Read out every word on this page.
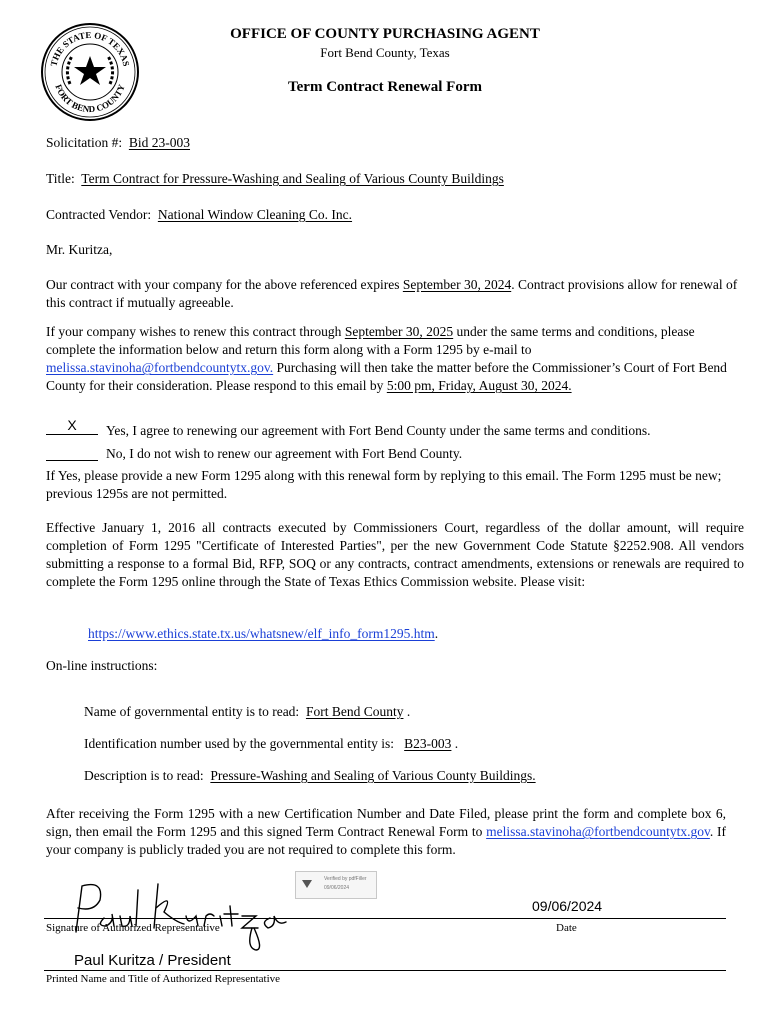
THE STATE OF TEXAS
FORT BEND COUNTY
OFFICE OF COUNTY PURCHASING AGENT
Fort Bend County, Texas
Term Contract Renewal Form
Solicitation #: Bid 23-003
Title: Term Contract for Pressure-Washing and Sealing of Various County Buildings
Contracted Vendor: National Window Cleaning Co. Inc.
Mr. Kuritza,
Our contract with your company for the above referenced expires September 30, 2024. Contract provisions allow for renewal of this contract if mutually agreeable.
If your company wishes to renew this contract through September 30, 2025 under the same terms and conditions, please complete the information below and return this form along with a Form 1295 by e-mail to melissa.stavinoha@fortbendcountytx.gov. Purchasing will then take the matter before the Commissioner’s Court of Fort Bend County for their consideration. Please respond to this email by 5:00 pm, Friday, August 30, 2024.
X	Yes, I agree to renewing our agreement with Fort Bend County under the same terms and conditions.
No, I do not wish to renew our agreement with Fort Bend County.
If Yes, please provide a new Form 1295 along with this renewal form by replying to this email. The Form 1295 must be new; previous 1295s are not permitted.
Effective January 1, 2016 all contracts executed by Commissioners Court, regardless of the dollar amount, will require completion of Form 1295 "Certificate of Interested Parties", per the new Government Code Statute §2252.908. All vendors submitting a response to a formal Bid, RFP, SOQ or any contracts, contract amendments, extensions or renewals are required to complete the Form 1295 online through the State of Texas Ethics Commission website. Please visit:
https://www.ethics.state.tx.us/whatsnew/elf_info_form1295.htm.
On-line instructions:
Name of governmental entity is to read: Fort Bend County .
Identification number used by the governmental entity is: B23-003 .
Description is to read: Pressure-Washing and Sealing of Various County Buildings.
After receiving the Form 1295 with a new Certification Number and Date Filed, please print the form and complete box 6, sign, then email the Form 1295 and this signed Term Contract Renewal Form to melissa.stavinoha@fortbendcountytx.gov. If your company is publicly traded you are not required to complete this form.
Verified by pdfFiller
09/06/2024
09/06/2024
Signature of Authorized Representative	Date
Paul Kuritza / President
Printed Name and Title of Authorized Representative
